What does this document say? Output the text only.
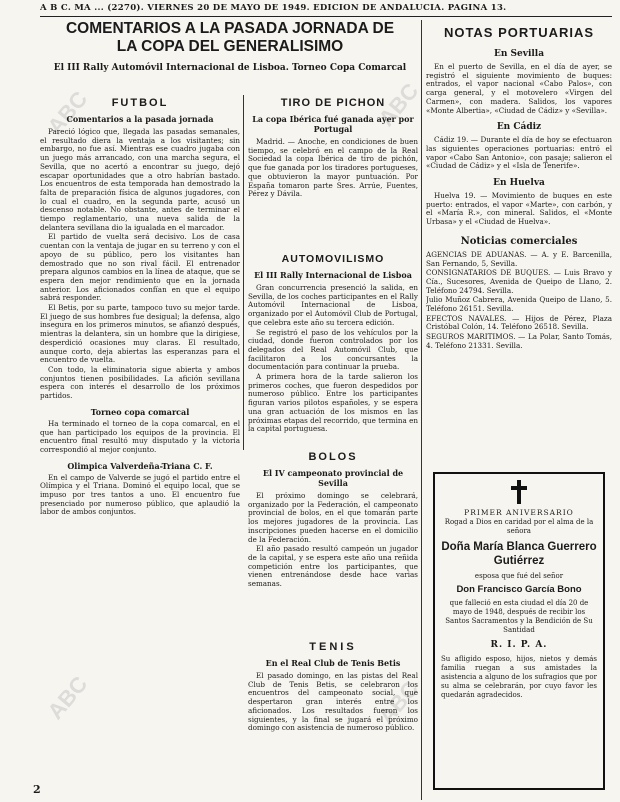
A B C. MA ... (2270). VIERNES 20 DE MAYO DE 1949. EDICION DE ANDALUCIA. PAGINA 13.
ABC	ABC
ABC	ABC
COMENTARIOS A LA PASADA JORNADA DE
LA COPA DEL GENERALISIMO
El III Rally Automóvil Internacional de Lisboa. Torneo Copa Comarcal
FUTBOL
Comentarios a la pasada jornada

Pareció lógico que, llegada las pasadas semanales, el resultado diera la ventaja a los visitantes; sin embargo, no fue así. Mientras ese cuadro jugaba con un juego más arrancado, con una marcha segura, el Sevilla, que no acertó a encontrar su juego, dejó escapar oportunidades que a otro habrían bastado. Los encuentros de esta temporada han demostrado la falta de preparación física de algunos jugadores, con lo cual el cuadro, en la segunda parte, acusó un descenso notable. No obstante, antes de terminar el tiempo reglamentario, una nueva salida de la delantera sevillana dio la igualada en el marcador.

El partido de vuelta será decisivo. Los de casa cuentan con la ventaja de jugar en su terreno y con el apoyo de su público, pero los visitantes han demostrado que no son rival fácil. El entrenador prepara algunos cambios en la línea de ataque, que se espera den mejor rendimiento que en la jornada anterior. Los aficionados confían en que el equipo sabrá responder.

El Betis, por su parte, tampoco tuvo su mejor tarde. El juego de sus hombres fue desigual; la defensa, algo insegura en los primeros minutos, se afianzó después, mientras la delantera, sin un hombre que la dirigiese, desperdició ocasiones muy claras. El resultado, aunque corto, deja abiertas las esperanzas para el encuentro de vuelta.

Con todo, la eliminatoria sigue abierta y ambos conjuntos tienen posibilidades. La afición sevillana espera con interés el desarrollo de los próximos partidos.

Torneo copa comarcal

Ha terminado el torneo de la copa comarcal, en el que han participado los equipos de la provincia. El encuentro final resultó muy disputado y la victoria correspondió al mejor conjunto.

Olimpica Valverdeña-Triana C. F.

En el campo de Valverde se jugó el partido entre el Olímpica y el Triana. Dominó el equipo local, que se impuso por tres tantos a uno. El encuentro fue presenciado por numeroso público, que aplaudió la labor de ambos conjuntos.

TIRO DE PICHON
La copa Ibérica fué ganada ayer por Portugal

Madrid. — Anoche, en condiciones de buen tiempo, se celebró en el campo de la Real Sociedad la copa Ibérica de tiro de pichón, que fue ganada por los tiradores portugueses, que obtuvieron la mayor puntuación. Por España tomaron parte Sres. Arrúe, Fuentes, Pérez y Dávila.

AUTOMOVILISMO
El III Rally Internacional de Lisboa

Gran concurrencia presenció la salida, en Sevilla, de los coches participantes en el Rally Automóvil Internacional de Lisboa, organizado por el Automóvil Club de Portugal, que celebra este año su tercera edición.

Se registró el paso de los vehículos por la ciudad, donde fueron controlados por los delegados del Real Automóvil Club, que facilitaron a los concursantes la documentación para continuar la prueba.

A primera hora de la tarde salieron los primeros coches, que fueron despedidos por numeroso público. Entre los participantes figuran varios pilotos españoles, y se espera una gran actuación de los mismos en las próximas etapas del recorrido, que termina en la capital portuguesa.

BOLOS
El IV campeonato provincial de Sevilla

El próximo domingo se celebrará, organizado por la Federación, el campeonato provincial de bolos, en el que tomarán parte los mejores jugadores de la provincia. Las inscripciones pueden hacerse en el domicilio de la Federación.

El año pasado resultó campeón un jugador de la capital, y se espera este año una reñida competición entre los participantes, que vienen entrenándose desde hace varias semanas.

TENIS
En el Real Club de Tenis Betis

El pasado domingo, en las pistas del Real Club de Tenis Betis, se celebraron los encuentros del campeonato social, que despertaron gran interés entre los aficionados. Los resultados fueron los siguientes, y la final se jugará el próximo domingo con asistencia de numeroso público.

NOTAS PORTUARIAS
En Sevilla

En el puerto de Sevilla, en el día de ayer, se registró el siguiente movimiento de buques: entrados, el vapor nacional «Cabo Palos», con carga general, y el motovelero «Virgen del Carmen», con madera. Salidos, los vapores «Monte Albertia», «Ciudad de Cádiz» y «Sevilla».

En Cádiz

Cádiz 19. — Durante el día de hoy se efectuaron las siguientes operaciones portuarias: entró el vapor «Cabo San Antonio», con pasaje; salieron el «Ciudad de Cádiz» y el «Isla de Tenerife».

En Huelva

Huelva 19. — Movimiento de buques en este puerto: entrados, el vapor «Marte», con carbón, y el «María R.», con mineral. Salidos, el «Monte Urbasa» y el «Ciudad de Huelva».

Noticias comerciales

AGENCIAS DE ADUANAS. — A. y E. Barcenilla, San Fernando, 5, Sevilla.

CONSIGNATARIOS DE BUQUES. — Luis Bravo y Cía., Sucesores, Avenida de Queipo de Llano, 2. Teléfono 24794. Sevilla.

Julio Muñoz Cabrera, Avenida Queipo de Llano, 5. Teléfono 26151. Sevilla.

EFECTOS NAVALES. — Hijos de Pérez, Plaza Cristóbal Colón, 14. Teléfono 26518. Sevilla.

SEGUROS MARITIMOS. — La Polar, Santo Tomás, 4. Teléfono 21331. Sevilla.

PRIMER ANIVERSARIO
Rogad a Dios en caridad por el alma de la señora
Doña María Blanca Guerrero Gutiérrez
esposa que fué del señor
Don Francisco García Bono
que falleció en esta ciudad el día 20 de mayo de 1948, después de recibir los Santos Sacramentos y la Bendición de Su Santidad
R. I. P. A.
Su afligido esposo, hijos, nietos y demás familia ruegan a sus amistades la asistencia a alguno de los sufragios que por su alma se celebrarán, por cuyo favor les quedarán agradecidos.
2
